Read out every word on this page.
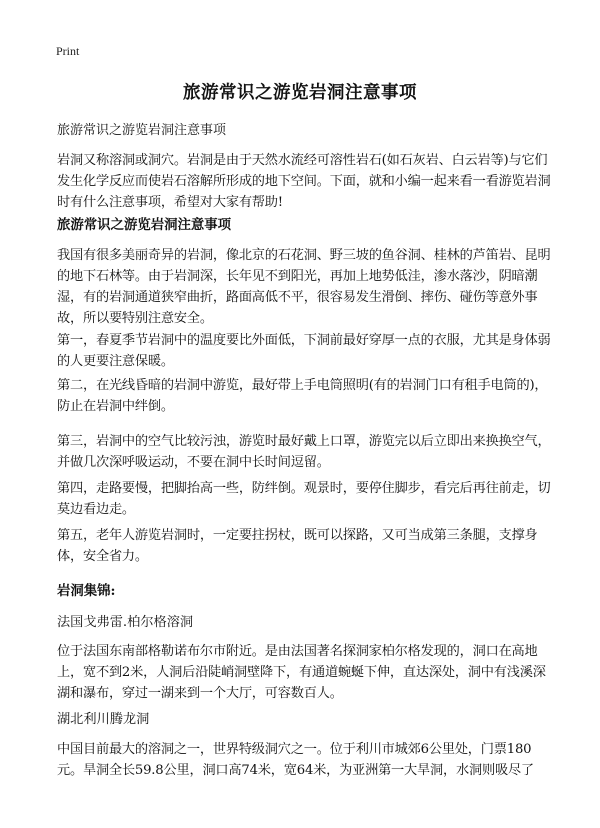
Print
旅游常识之游览岩洞注意事项
旅游常识之游览岩洞注意事项
岩洞又称溶洞或洞穴。岩洞是由于天然水流经可溶性岩石(如石灰岩、白云岩等)与它们发生化学反应而使岩石溶解所形成的地下空间。下面，就和小编一起来看一看游览岩洞时有什么注意事项，希望对大家有帮助!
旅游常识之游览岩洞注意事项
我国有很多美丽奇异的岩洞，像北京的石花洞、野三坡的鱼谷洞、桂林的芦笛岩、昆明的地下石林等。由于岩洞深，长年见不到阳光，再加上地势低洼，渗水落沙，阴暗潮湿，有的岩洞通道狭窄曲折，路面高低不平，很容易发生滑倒、摔伤、碰伤等意外事故，所以要特别注意安全。
第一，春夏季节岩洞中的温度要比外面低，下洞前最好穿厚一点的衣服，尤其是身体弱的人更要注意保暖。
第二，在光线昏暗的岩洞中游览，最好带上手电筒照明(有的岩洞门口有租手电筒的)，防止在岩洞中绊倒。
第三，岩洞中的空气比较污浊，游览时最好戴上口罩，游览完以后立即出来换换空气，并做几次深呼吸运动，不要在洞中长时间逗留。
第四，走路要慢，把脚抬高一些，防绊倒。观景时，要停住脚步，看完后再往前走，切莫边看边走。
第五，老年人游览岩洞时，一定要拄拐杖，既可以探路，又可当成第三条腿，支撑身体，安全省力。
岩洞集锦:
法国戈弗雷.柏尔格溶洞
位于法国东南部格勒诺布尔市附近。是由法国著名探洞家柏尔格发现的，洞口在高地上，宽不到2米，人洞后沿陡峭洞壁降下，有通道蜿蜒下伸，直达深处，洞中有浅溪深湖和瀑布，穿过一湖来到一个大厅，可容数百人。
湖北利川腾龙洞
中国目前最大的溶洞之一，世界特级洞穴之一。位于利川市城郊6公里处，门票180元。旱洞全长59.8公里，洞口高74米，宽64米，为亚洲第一大旱洞，水洞则吸尽了
